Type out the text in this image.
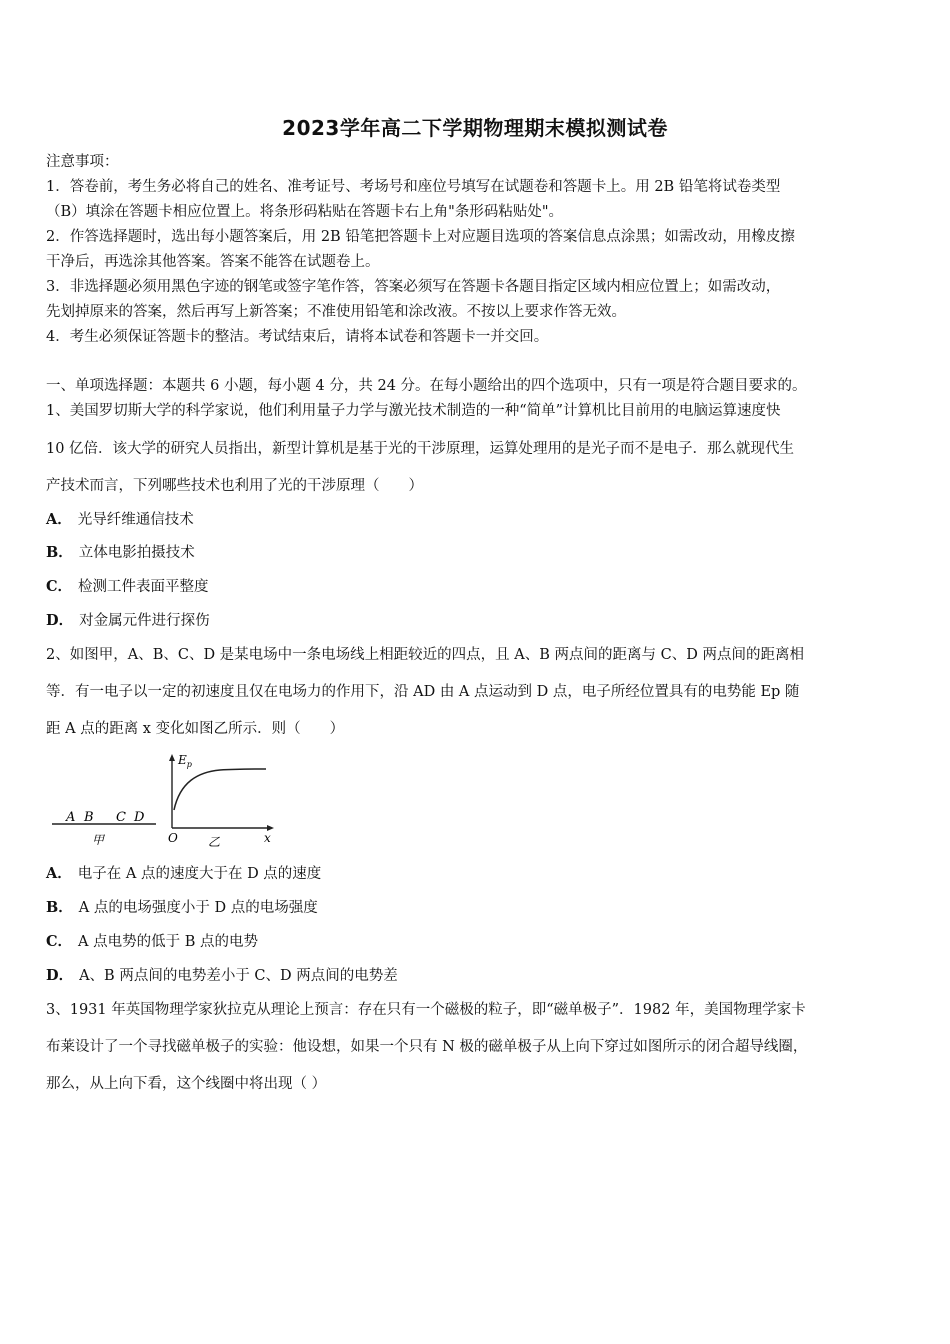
2023学年高二下学期物理期末模拟测试卷
注意事项：
1．答卷前，考生务必将自己的姓名、准考证号、考场号和座位号填写在试题卷和答题卡上。用 2B 铅笔将试卷类型
（B）填涂在答题卡相应位置上。将条形码粘贴在答题卡右上角"条形码粘贴处"。
2．作答选择题时，选出每小题答案后，用 2B 铅笔把答题卡上对应题目选项的答案信息点涂黑；如需改动，用橡皮擦
干净后，再选涂其他答案。答案不能答在试题卷上。
3．非选择题必须用黑色字迹的钢笔或签字笔作答，答案必须写在答题卡各题目指定区域内相应位置上；如需改动，
先划掉原来的答案，然后再写上新答案；不准使用铅笔和涂改液。不按以上要求作答无效。
4．考生必须保证答题卡的整洁。考试结束后，请将本试卷和答题卡一并交回。
一、单项选择题：本题共 6 小题，每小题 4 分，共 24 分。在每小题给出的四个选项中，只有一项是符合题目要求的。
1、美国罗切斯大学的科学家说，他们利用量子力学与激光技术制造的一种“简单”计算机比目前用的电脑运算速度快
10 亿倍．该大学的研究人员指出，新型计算机是基于光的干涉原理，运算处理用的是光子而不是电子．那么就现代生
产技术而言，下列哪些技术也利用了光的干涉原理（　　）
A． 光导纤维通信技术
B． 立体电影拍摄技术
C． 检测工件表面平整度
D． 对金属元件进行探伤
2、如图甲，A、B、C、D 是某电场中一条电场线上相距较近的四点，且 A、B 两点间的距离与 C、D 两点间的距离相
等．有一电子以一定的初速度且仅在电场力的作用下，沿 AD 由 A 点运动到 D 点，电子所经位置具有的电势能 Ep 随
距 A 点的距离 x 变化如图乙所示．则（　　）
A B C D
甲
$E_p$
O	乙	x
A． 电子在 A 点的速度大于在 D 点的速度
B． A 点的电场强度小于 D 点的电场强度
C． A 点电势的低于 B 点的电势
D． A、B 两点间的电势差小于 C、D 两点间的电势差
3、1931 年英国物理学家狄拉克从理论上预言：存在只有一个磁极的粒子，即“磁单极子”．1982 年，美国物理学家卡
布莱设计了一个寻找磁单极子的实验：他设想，如果一个只有 N 极的磁单极子从上向下穿过如图所示的闭合超导线圈，
那么，从上向下看，这个线圈中将出现（ ）
